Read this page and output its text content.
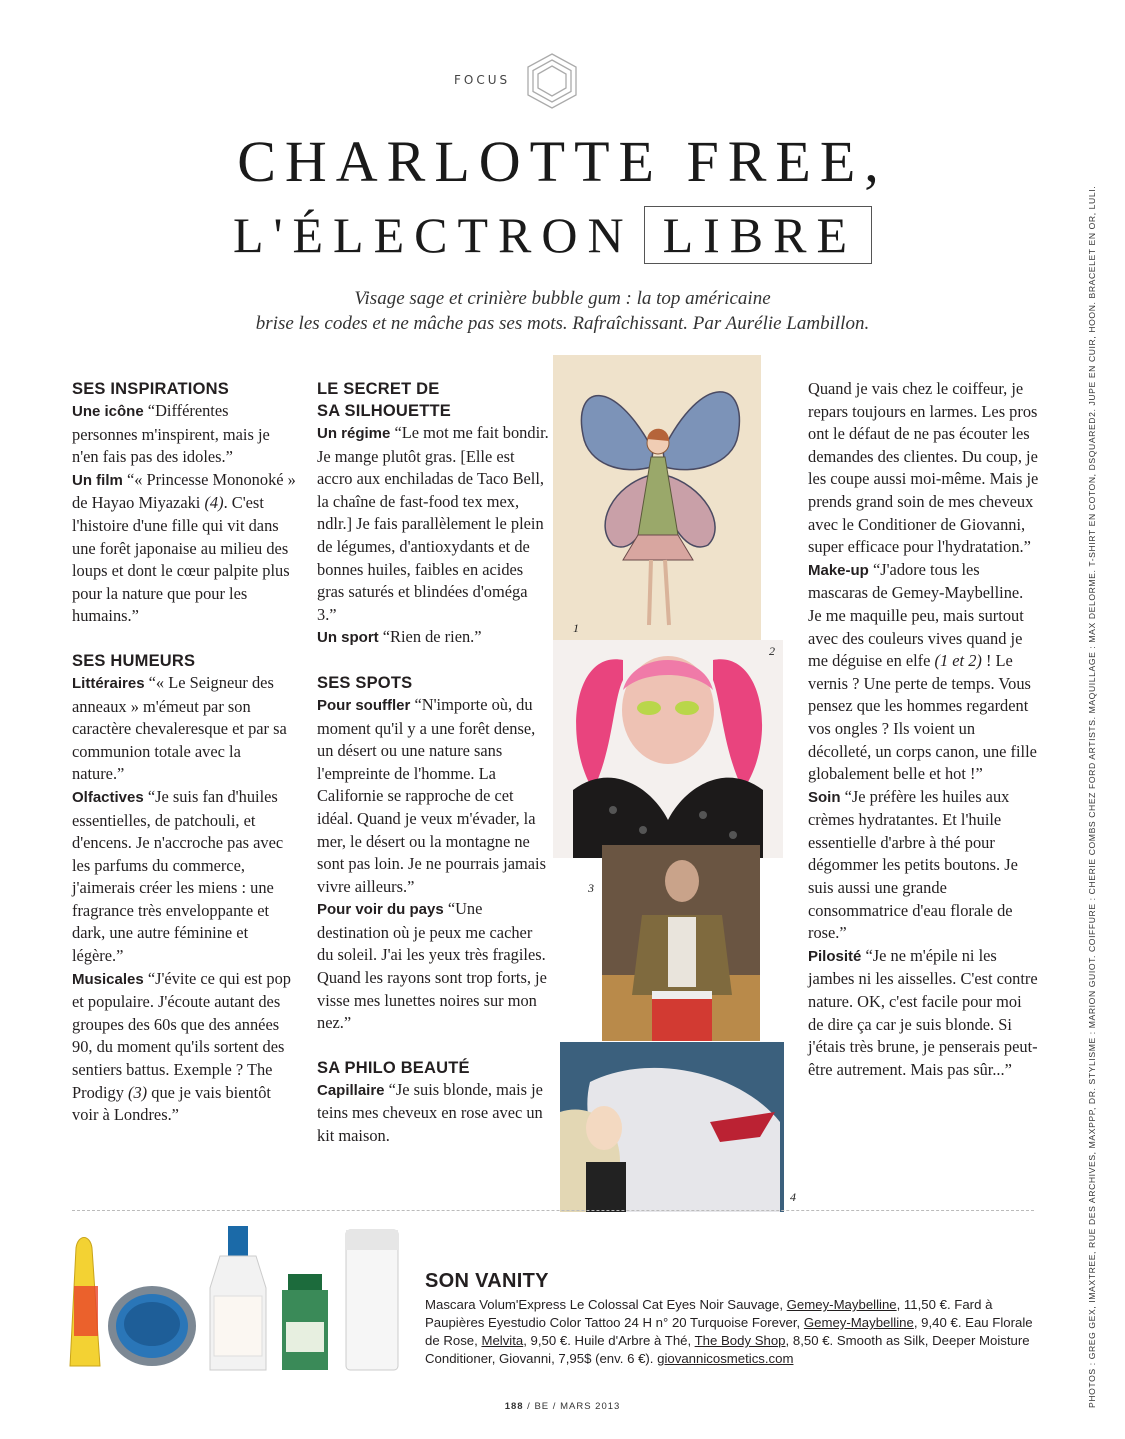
FOCUS
CHARLOTTE FREE,
L'ÉLECTRON LIBRE
Visage sage et crinière bubble gum : la top américaine
brise les codes et ne mâche pas ses mots. Rafraîchissant. Par Aurélie Lambillon.
SES INSPIRATIONS
Une icône “Différentes personnes m'inspirent, mais je n'en fais pas des idoles.”
Un film “« Princesse Mononoké » de Hayao Miyazaki (4). C'est l'histoire d'une fille qui vit dans une forêt japonaise au milieu des loups et dont le cœur palpite plus pour la nature que pour les humains.”
SES HUMEURS
Littéraires “« Le Seigneur des anneaux » m'émeut par son caractère chevaleresque et par sa communion totale avec la nature.”
Olfactives “Je suis fan d'huiles essentielles, de patchouli, et d'encens. Je n'accroche pas avec les parfums du commerce, j'aimerais créer les miens : une fragrance très enveloppante et dark, une autre féminine et légère.”
Musicales “J'évite ce qui est pop et populaire. J'écoute autant des groupes des 60s que des années 90, du moment qu'ils sortent des sentiers battus. Exemple ? The Prodigy (3) que je vais bientôt voir à Londres.”
LE SECRET DE
SA SILHOUETTE
Un régime “Le mot me fait bondir. Je mange plutôt gras. [Elle est accro aux enchiladas de Taco Bell, la chaîne de fast-food tex mex, ndlr.] Je fais parallèlement le plein de légumes, d'antioxydants et de bonnes huiles, faibles en acides gras saturés et blindées d'oméga 3.”
Un sport “Rien de rien.”
SES SPOTS
Pour souffler “N'importe où, du moment qu'il y a une forêt dense, un désert ou une nature sans l'empreinte de l'homme. La Californie se rapproche de cet idéal. Quand je veux m'évader, la mer, le désert ou la montagne ne sont pas loin. Je ne pourrais jamais vivre ailleurs.”
Pour voir du pays “Une destination où je peux me cacher du soleil. J'ai les yeux très fragiles. Quand les rayons sont trop forts, je visse mes lunettes noires sur mon nez.”
SA PHILO BEAUTÉ
Capillaire “Je suis blonde, mais je teins mes cheveux en rose avec un kit maison.
Quand je vais chez le coiffeur, je repars toujours en larmes. Les pros ont le défaut de ne pas écouter les demandes des clientes. Du coup, je les coupe aussi moi-même. Mais je prends grand soin de mes cheveux avec le Conditioner de Giovanni, super efficace pour l'hydratation.”
Make-up “J'adore tous les mascaras de Gemey-Maybelline. Je me maquille peu, mais surtout avec des couleurs vives quand je me déguise en elfe (1 et 2) ! Le vernis ? Une perte de temps. Vous pensez que les hommes regardent vos ongles ? Ils voient un décolleté, un corps canon, une fille globalement belle et hot !”
Soin “Je préfère les huiles aux crèmes hydratantes. Et l'huile essentielle d'arbre à thé pour dégommer les petits boutons. Je suis aussi une grande consommatrice d'eau florale de rose.”
Pilosité “Je ne m'épile ni les jambes ni les aisselles. C'est contre nature. OK, c'est facile pour moi de dire ça car je suis blonde. Si j'étais très brune, je penserais peut-être autrement. Mais pas sûr...”
1
2
3
4
SON VANITY
Mascara Volum'Express Le Colossal Cat Eyes Noir Sauvage, Gemey-Maybelline, 11,50 €. Fard à Paupières Eyestudio Color Tattoo 24 H n° 20 Turquoise Forever, Gemey-Maybelline, 9,40 €. Eau Florale de Rose, Melvita, 9,50 €. Huile d'Arbre à Thé, The Body Shop, 8,50 €. Smooth as Silk, Deeper Moisture Conditioner, Giovanni, 7,95$ (env. 6 €). giovannicosmetics.com
188 / BE / MARS 2013	PHOTOS : GREG GEX, IMAXTREE, RUE DES ARCHIVES, MAXPPP, DR. STYLISME : MARION GUIOT. COIFFURE : CHERIE COMBS CHEZ FORD ARTISTS. MAQUILLAGE : MAX DELORME. T-SHIRT EN COTON, DSQUARED2. JUPE EN CUIR, HOON. BRACELET EN OR, LULI.
